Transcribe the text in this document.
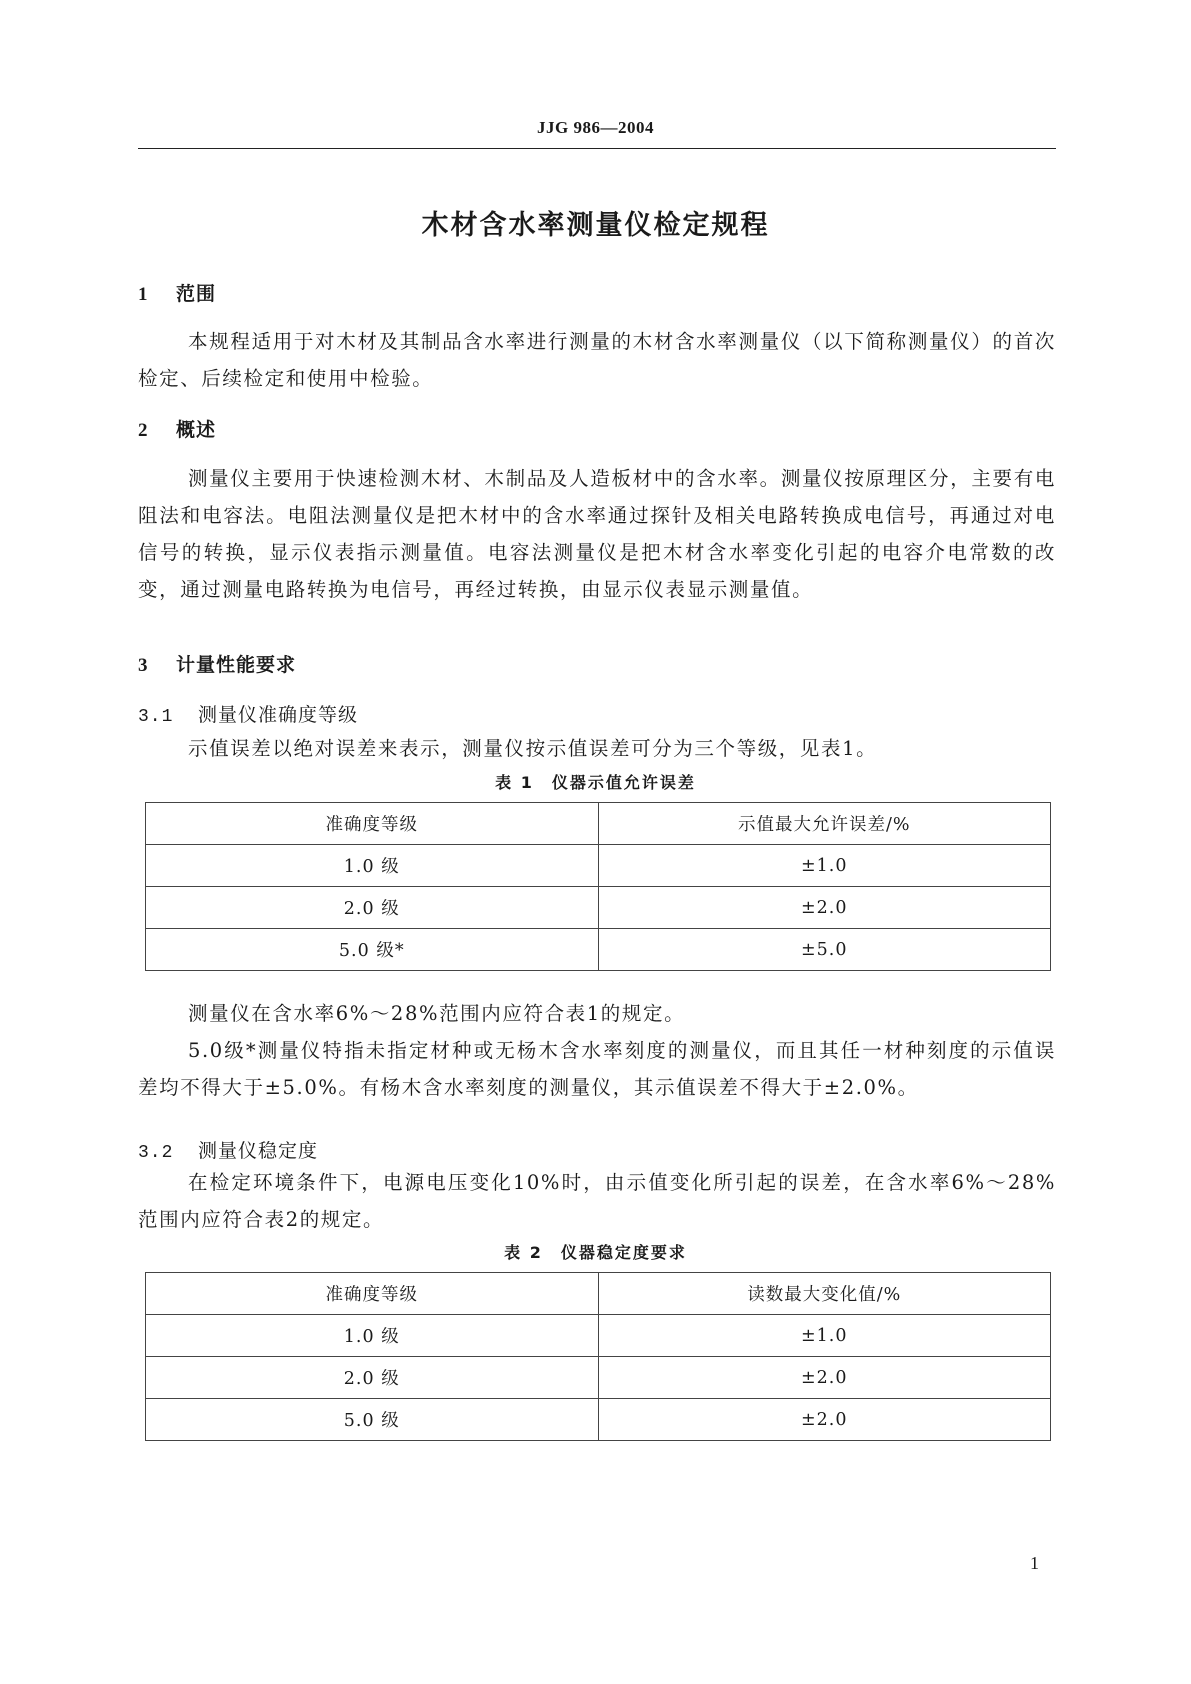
JJG 986—2004
木材含水率测量仪检定规程
1 范围
本规程适用于对木材及其制品含水率进行测量的木材含水率测量仪（以下简称测量仪）的首次检定、后续检定和使用中检验。
2 概述
测量仪主要用于快速检测木材、木制品及人造板材中的含水率。测量仪按原理区分，主要有电阻法和电容法。电阻法测量仪是把木材中的含水率通过探针及相关电路转换成电信号，再通过对电信号的转换，显示仪表指示测量值。电容法测量仪是把木材含水率变化引起的电容介电常数的改变，通过测量电路转换为电信号，再经过转换，由显示仪表显示测量值。
3 计量性能要求
3.1 测量仪准确度等级
示值误差以绝对误差来表示，测量仪按示值误差可分为三个等级，见表1。
表 1　仪器示值允许误差
准确度等级	示值最大允许误差/%
1.0 级	±1.0
2.0 级	±2.0
5.0 级*	±5.0
测量仪在含水率6%～28%范围内应符合表1的规定。
5.0级*测量仪特指未指定材种或无杨木含水率刻度的测量仪，而且其任一材种刻度的示值误差均不得大于±5.0%。有杨木含水率刻度的测量仪，其示值误差不得大于±2.0%。
3.2 测量仪稳定度
在检定环境条件下，电源电压变化10%时，由示值变化所引起的误差，在含水率6%～28%范围内应符合表2的规定。
表 2　仪器稳定度要求
准确度等级	读数最大变化值/%
1.0 级	±1.0
2.0 级	±2.0
5.0 级	±2.0
1
